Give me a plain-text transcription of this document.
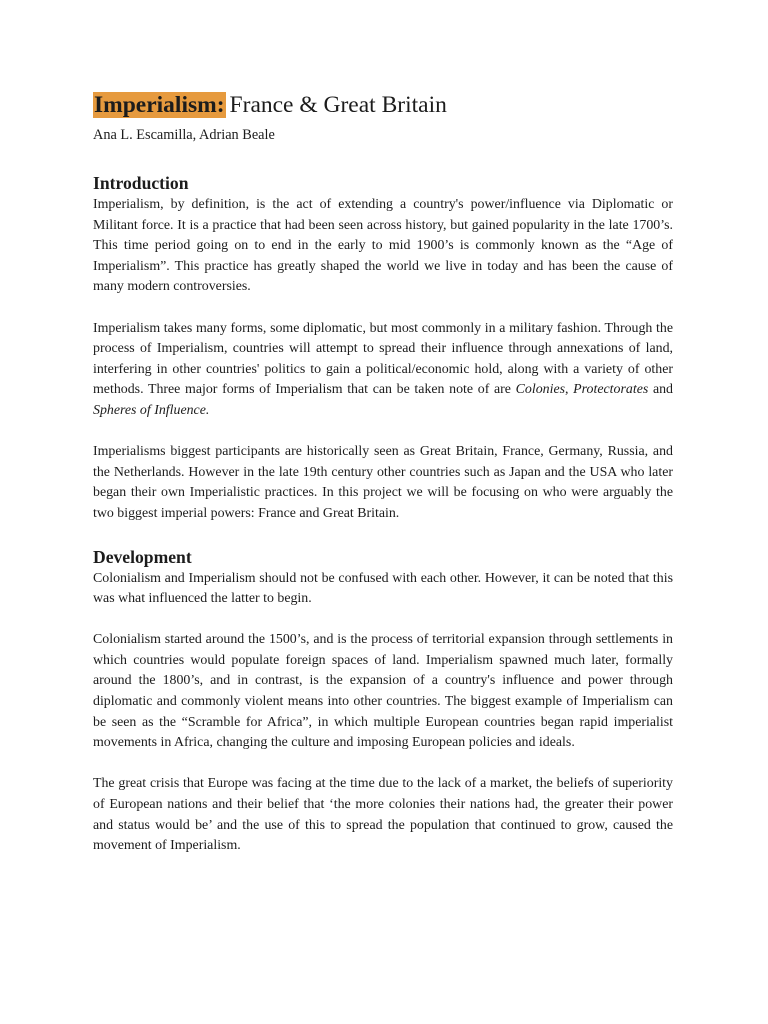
Imperialism: France & Great Britain

Ana L. Escamilla, Adrian Beale

Introduction

Imperialism, by definition, is the act of extending a country's power/influence via Diplomatic or Militant force. It is a practice that had been seen across history, but gained popularity in the late 1700’s. This time period going on to end in the early to mid 1900’s is commonly known as the “Age of Imperialism”. This practice has greatly shaped the world we live in today and has been the cause of many modern controversies.

Imperialism takes many forms, some diplomatic, but most commonly in a military fashion. Through the process of Imperialism, countries will attempt to spread their influence through annexations of land, interfering in other countries' politics to gain a political/economic hold, along with a variety of other methods. Three major forms of Imperialism that can be taken note of are Colonies, Protectorates and Spheres of Influence.

Imperialisms biggest participants are historically seen as Great Britain, France, Germany, Russia, and the Netherlands. However in the late 19th century other countries such as Japan and the USA who later began their own Imperialistic practices. In this project we will be focusing on who were arguably the two biggest imperial powers: France and Great Britain.

Development

Colonialism and Imperialism should not be confused with each other. However, it can be noted that this was what influenced the latter to begin.

Colonialism started around the 1500’s, and is the process of territorial expansion through settlements in which countries would populate foreign spaces of land. Imperialism spawned much later, formally around the 1800’s, and in contrast, is the expansion of a country's influence and power through diplomatic and commonly violent means into other countries. The biggest example of Imperialism can be seen as the “Scramble for Africa”, in which multiple European countries began rapid imperialist movements in Africa, changing the culture and imposing European policies and ideals.

The great crisis that Europe was facing at the time due to the lack of a market, the beliefs of superiority of European nations and their belief that ‘the more colonies their nations had, the greater their power and status would be’ and the use of this to spread the population that continued to grow, caused the movement of Imperialism.
